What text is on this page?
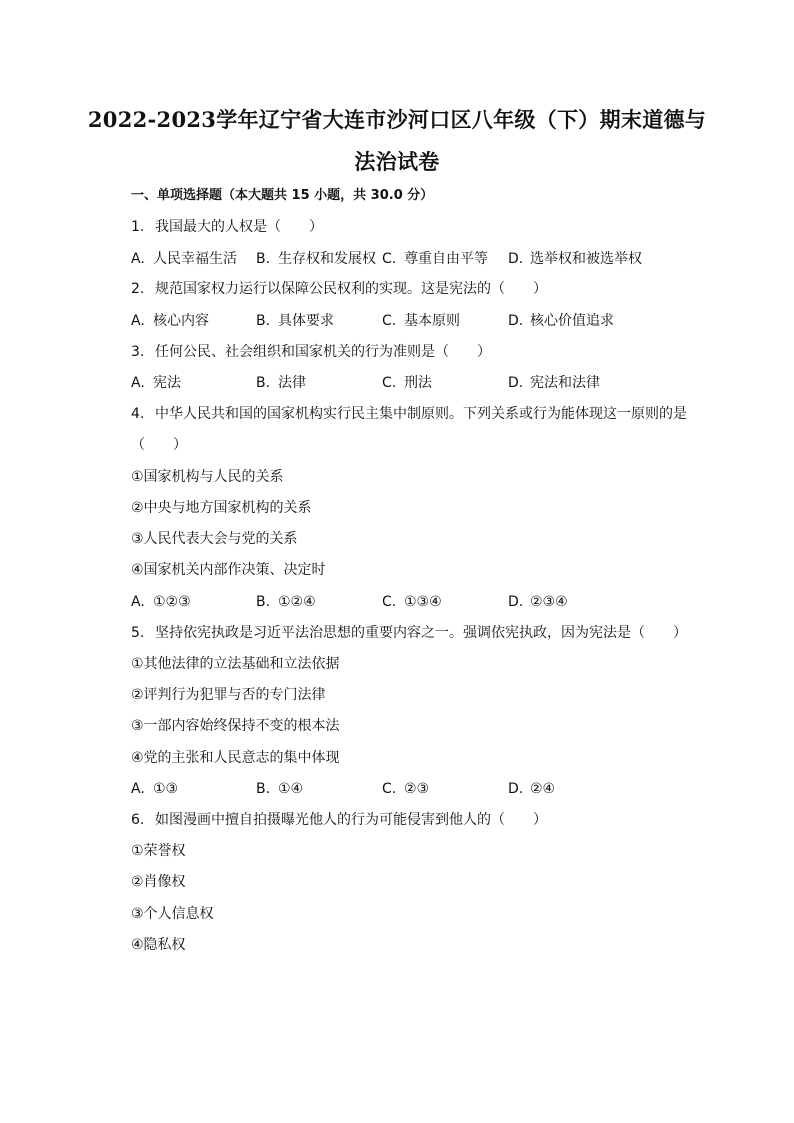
2022-2023学年辽宁省大连市沙河口区八年级（下）期末道德与
法治试卷
一、单项选择题（本大题共 15 小题，共 30.0 分）
1. 我国最大的人权是（　　）
A. 人民幸福生活 B. 生存权和发展权 C. 尊重自由平等 D. 选举权和被选举权
2. 规范国家权力运行以保障公民权利的实现。这是宪法的（　　）
A. 核心内容	B. 具体要求	C. 基本原则	D. 核心价值追求
3. 任何公民、社会组织和国家机关的行为准则是（　　）
A. 宪法	B. 法律	C. 刑法	D. 宪法和法律
4. 中华人民共和国的国家机构实行民主集中制原则。下列关系或行为能体现这一原则的是
（　　）
①国家机构与人民的关系
②中央与地方国家机构的关系
③人民代表大会与党的关系
④国家机关内部作决策、决定时
A. ①②③	B. ①②④	C. ①③④	D. ②③④
5. 坚持依宪执政是习近平法治思想的重要内容之一。强调依宪执政，因为宪法是（　　）
①其他法律的立法基础和立法依据
②评判行为犯罪与否的专门法律
③一部内容始终保持不变的根本法
④党的主张和人民意志的集中体现
A. ①③	B. ①④	C. ②③	D. ②④
6. 如图漫画中擅自拍摄曝光他人的行为可能侵害到他人的（　　）
①荣誉权
②肖像权
③个人信息权
④隐私权
